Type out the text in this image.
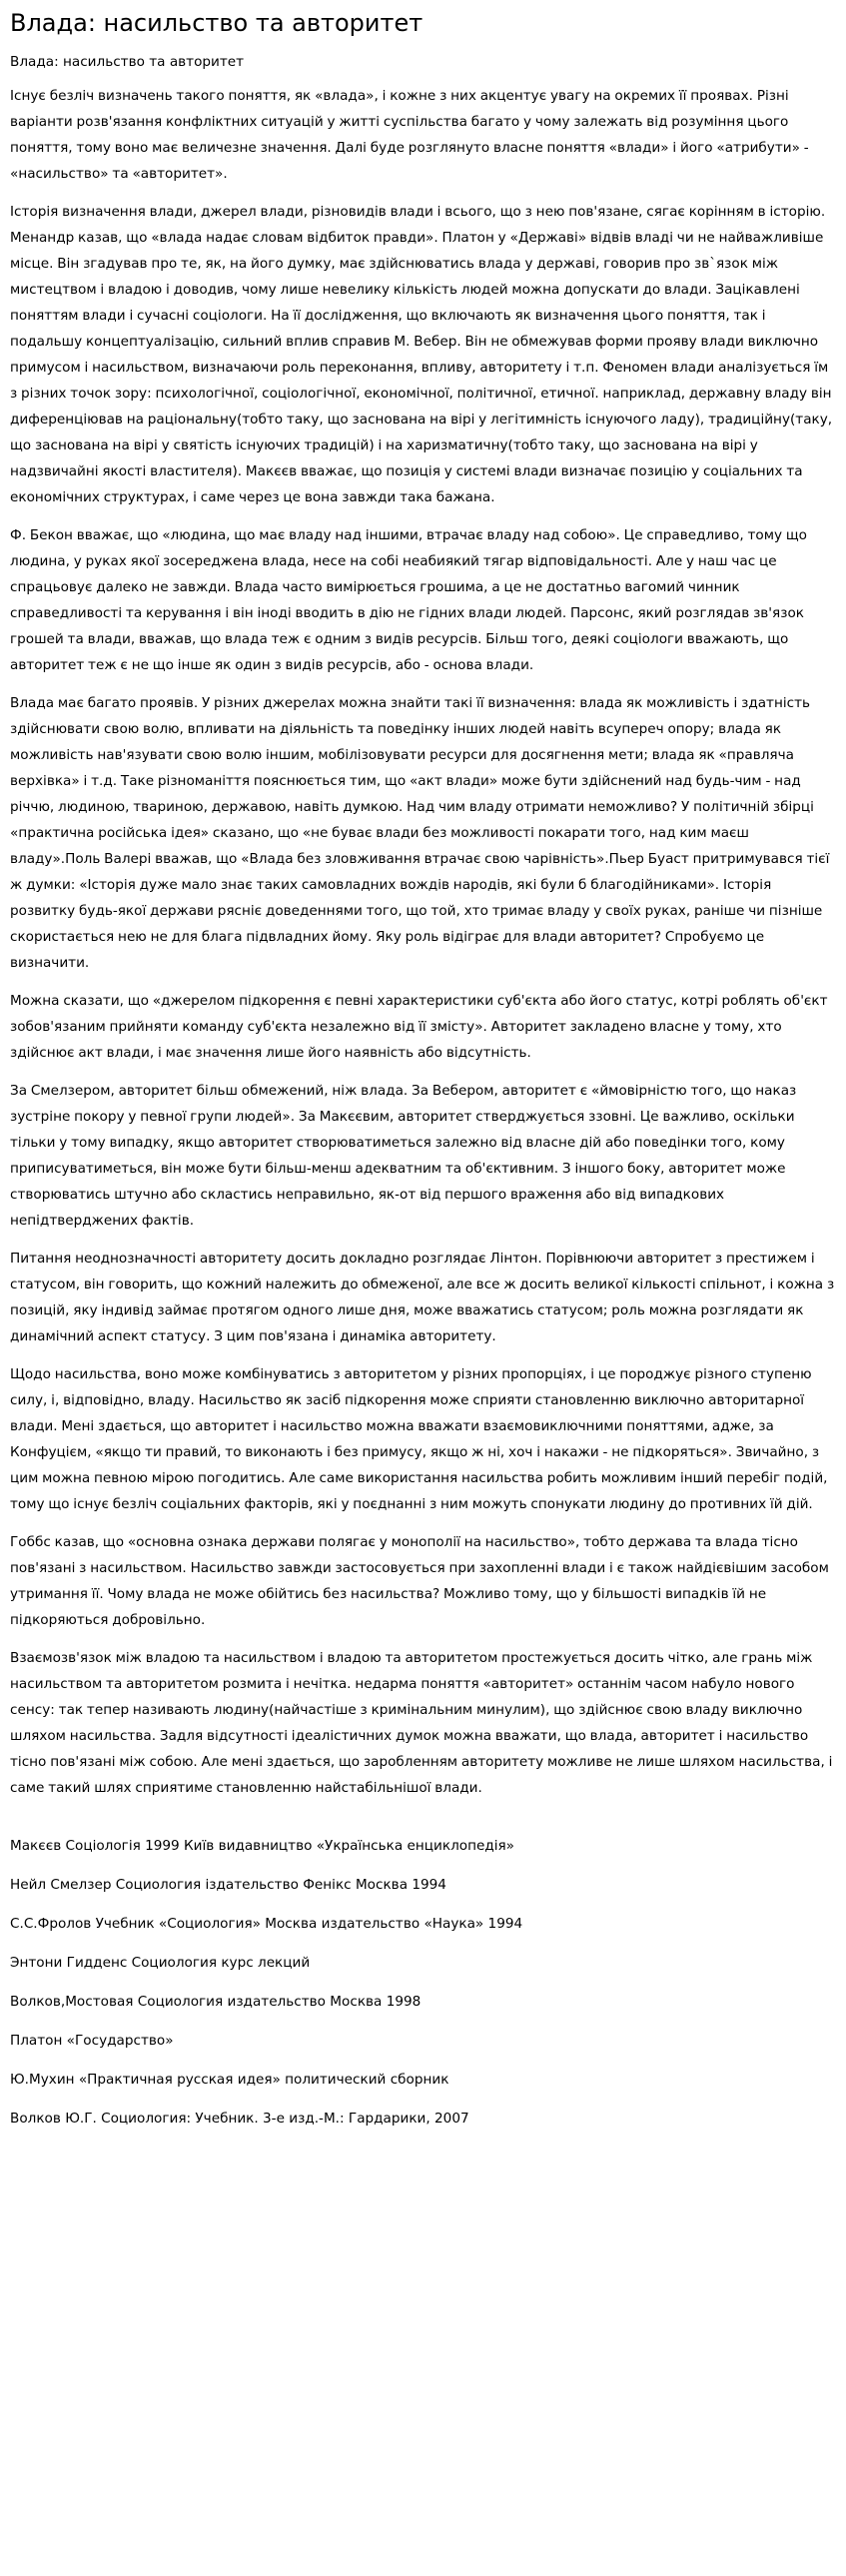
Влада: насильство та авторитет
Влада: насильство та авторитет

Існує безліч визначень такого поняття, як «влада», і кожне з них акцентує увагу на окремих її проявах. Різні варіанти розв'язання конфліктних ситуацій у житті суспільства багато у чому залежать від розуміння цього поняття, тому воно має величезне значення. Далі буде розглянуто власне поняття «влади» і його «атрибути» - «насильство» та «авторитет».

Історія визначення влади, джерел влади, різновидів влади і всього, що з нею пов'язане, сягає корінням в історію. Менандр казав, що «влада надає словам відбиток правди». Платон у «Державі» відвів владі чи не найважливіше місце. Він згадував про те, як, на його думку, має здійснюватись влада у державі, говорив про зв`язок між мистецтвом і владою і доводив, чому лише невелику кількість людей можна допускати до влади. Зацікавлені поняттям влади і сучасні соціологи. На її дослідження, що включають як визначення цього поняття, так і подальшу концептуалізацію, сильний вплив справив М. Вебер. Він не обмежував форми прояву влади виключно примусом і насильством, визначаючи роль переконання, впливу, авторитету і т.п. Феномен влади аналізується їм з різних точок зору: психологічної, соціологічної, економічної, політичної, етичної. наприклад, державну владу він диференціював на раціональну(тобто таку, що заснована на вірі у легітимність існуючого ладу), традиційну(таку, що заснована на вірі у святість існуючих традицій) і на харизматичну(тобто таку, що заснована на вірі у надзвичайні якості властителя). Макєєв вважає, що позиція у системі влади визначає позицію у соціальних та економічних структурах, і саме через це вона завжди така бажана.

Ф. Бекон вважає, що «людина, що має владу над іншими, втрачає владу над собою». Це справедливо, тому що людина, у руках якої зосереджена влада, несе на собі неабиякий тягар відповідальності. Але у наш час це спрацьовує далеко не завжди. Влада часто вимірюється грошима, а це не достатньо вагомий чинник справедливості та керування і він іноді вводить в дію не гідних влади людей. Парсонс, який розглядав зв'язок грошей та влади, вважав, що влада теж є одним з видів ресурсів. Більш того, деякі соціологи вважають, що авторитет теж є не що інше як один з видів ресурсів, або - основа влади.

Влада має багато проявів. У різних джерелах можна знайти такі її визначення: влада як можливість і здатність здійснювати свою волю, впливати на діяльність та поведінку інших людей навіть всупереч опору; влада як можливість нав'язувати свою волю іншим, мобілізовувати ресурси для досягнення мети; влада як «правляча верхівка» і т.д. Таке різноманіття пояснюється тим, що «акт влади» може бути здійснений над будь-чим - над річчю, людиною, твариною, державою, навіть думкою. Над чим владу отримати неможливо? У політичній збірці «практична російська ідея» сказано, що «не буває влади без можливості покарати того, над ким маєш владу».Поль Валері вважав, що «Влада без зловживання втрачає свою чарівність».Пьер Буаст притримувався тієї ж думки: «Історія дуже мало знає таких самовладних вождів народів, які були б благодійниками». Історія розвитку будь-якої держави ряснiє доведеннями того, що той, хто тримає владу у своїх руках, раніше чи пізніше скористається нею не для блага підвладних йому. Яку роль відіграє для влади авторитет? Спробуємо це визначити.

Можна сказати, що «джерелом підкорення є певні характеристики суб'єкта або його статус, котрі роблять об'єкт зобов'язаним прийняти команду суб'єкта незалежно від її змісту». Авторитет закладено власне у тому, хто здійснює акт влади, і має значення лише його наявність або відсутність.

За Смелзером, авторитет більш обмежений, ніж влада. За Вебером, авторитет є «ймовірністю того, що наказ зустріне покору у певної групи людей». За Макєєвим, авторитет стверджується ззовні. Це важливо, оскільки тільки у тому випадку, якщо авторитет створюватиметься залежно від власне дій або поведінки того, кому приписуватиметься, він може бути більш-менш адекватним та об'єктивним. З іншого боку, авторитет може створюватись штучно або скластись неправильно, як-от від першого враження або від випадкових непідтверджених фактів.

Питання неоднозначності авторитету досить докладно розглядає Лінтон. Порівнюючи авторитет з престижем і статусом, він говорить, що кожний належить до обмеженої, але все ж досить великої кількості спільнот, і кожна з позицій, яку індивід займає протягом одного лише дня, може вважатись статусом; роль можна розглядати як динамічний аспект статусу. З цим пов'язана і динаміка авторитету.

Щодо насильства, воно може комбінуватись з авторитетом у різних пропорціях, і це породжує різного ступеню силу, і, відповідно, владу. Насильство як засіб підкорення може сприяти становленню виключно авторитарної влади. Мені здається, що авторитет і насильство можна вважати взаємовиключними поняттями, адже, за Конфуцієм, «якщо ти правий, то виконають і без примусу, якщо ж ні, хоч і накажи - не підкоряться». Звичайно, з цим можна певною мірою погодитись. Але саме використання насильства робить можливим інший перебіг подій, тому що існує безліч соціальних факторів, які у поєднанні з ним можуть спонукати людину до противних їй дій.

Гоббс казав, що «основна ознака держави полягає у монополії на насильство», тобто держава та влада тісно пов'язані з насильством. Насильство завжди застосовується при захопленні влади і є також найдієвішим засобом утримання її. Чому влада не може обійтись без насильства? Можливо тому, що у більшості випадків їй не підкоряються добровільно.

Взаємозв'язок між владою та насильством і владою та авторитетом простежується досить чітко, але грань між насильством та авторитетом розмита і нечітка. недарма поняття «авторитет» останнім часом набуло нового сенсу: так тепер називають людину(найчастіше з кримінальним минулим), що здійснює свою владу виключно шляхом насильства. Задля відсутності ідеалістичних думок можна вважати, що влада, авторитет і насильство тісно пов'язані між собою. Але мені здається, що заробленням авторитету можливе не лише шляхом насильства, і саме такий шлях сприятиме становленню найстабільнішої влади.

Макєєв Соціологія 1999 Київ видавництво «Українська енциклопедія»
Нейл Смелзер Социология іздательство Фенікс Москва 1994
С.С.Фролов Учебник «Социология» Москва издательство «Наука» 1994
Энтони Гидденс Социология курс лекций
Волков,Мостовая Социология издательство Москва 1998
Платон «Государство»
Ю.Мухин «Практичная русская идея» политический сборник
Волков Ю.Г. Социология: Учебник. 3-е изд.-М.: Гардарики, 2007
